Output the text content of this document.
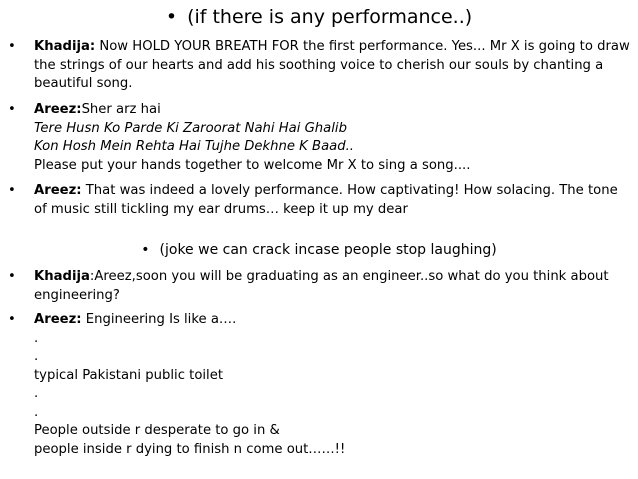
• (if there is any performance..)
• Khadija: Now HOLD YOUR BREATH FOR the first performance. Yes... Mr X is going to draw the strings of our hearts and add his soothing voice to cherish our souls by chanting a beautiful song.
• Areez:Sher arz hai
Tere Husn Ko Parde Ki Zaroorat Nahi Hai Ghalib
Kon Hosh Mein Rehta Hai Tujhe Dekhne K Baad..
Please put your hands together to welcome Mr X to sing a song....
• Areez: That was indeed a lovely performance. How captivating! How solacing. The tone of music still tickling my ear drums… keep it up my dear
• (joke we can crack incase people stop laughing)
• Khadija:Areez,soon you will be graduating as an engineer..so what do you think about engineering?
• Areez: Engineering Is like a….
.
.
typical Pakistani public toilet
.
.
People outside r desperate to go in &
people inside r dying to finish n come out……!!
